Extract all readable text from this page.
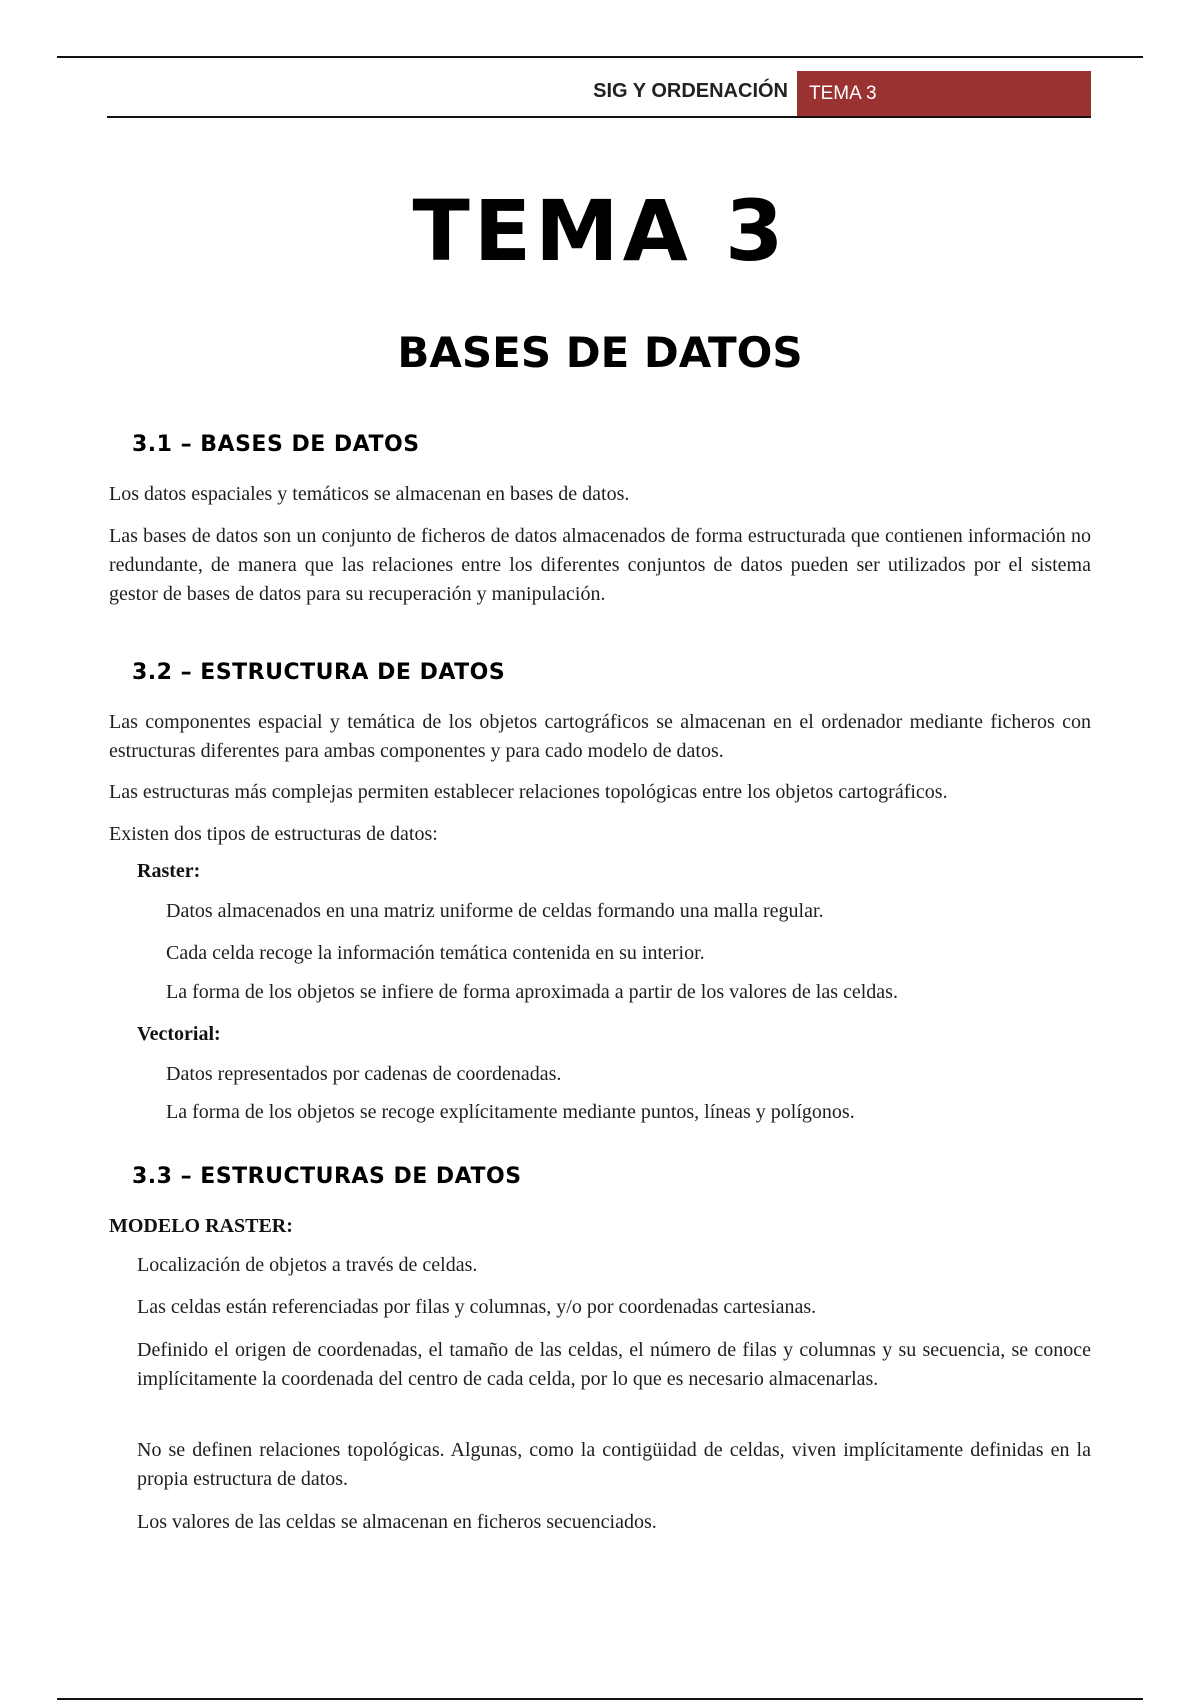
SIG Y ORDENACIÓN	TEMA 3
TEMA 3
BASES DE DATOS
3.1 – BASES DE DATOS
Los datos espaciales y temáticos se almacenan en bases de datos.
Las bases de datos son un conjunto de ficheros de datos almacenados de forma estructurada que contienen información no redundante, de manera que las relaciones entre los diferentes conjuntos de datos pueden ser utilizados por el sistema gestor de bases de datos para su recuperación y manipulación.
3.2 – ESTRUCTURA DE DATOS
Las componentes espacial y temática de los objetos cartográficos se almacenan en el ordenador mediante ficheros con estructuras diferentes para ambas componentes y para cado modelo de datos.
Las estructuras más complejas permiten establecer relaciones topológicas entre los objetos cartográficos.
Existen dos tipos de estructuras de datos:
Raster:
Datos almacenados en una matriz uniforme de celdas formando una malla regular.
Cada celda recoge la información temática contenida en su interior.
La forma de los objetos se infiere de forma aproximada a partir de los valores de las celdas.
Vectorial:
Datos representados por cadenas de coordenadas.
La forma de los objetos se recoge explícitamente mediante puntos, líneas y polígonos.
3.3 – ESTRUCTURAS DE DATOS
MODELO RASTER:
Localización de objetos a través de celdas.
Las celdas están referenciadas por filas y columnas, y/o por coordenadas cartesianas.
Definido el origen de coordenadas, el tamaño de las celdas, el número de filas y columnas y su secuencia, se conoce implícitamente la coordenada del centro de cada celda, por lo que es necesario almacenarlas.
No se definen relaciones topológicas. Algunas, como la contigüidad de celdas, viven implícitamente definidas en la propia estructura de datos.
Los valores de las celdas se almacenan en ficheros secuenciados.
